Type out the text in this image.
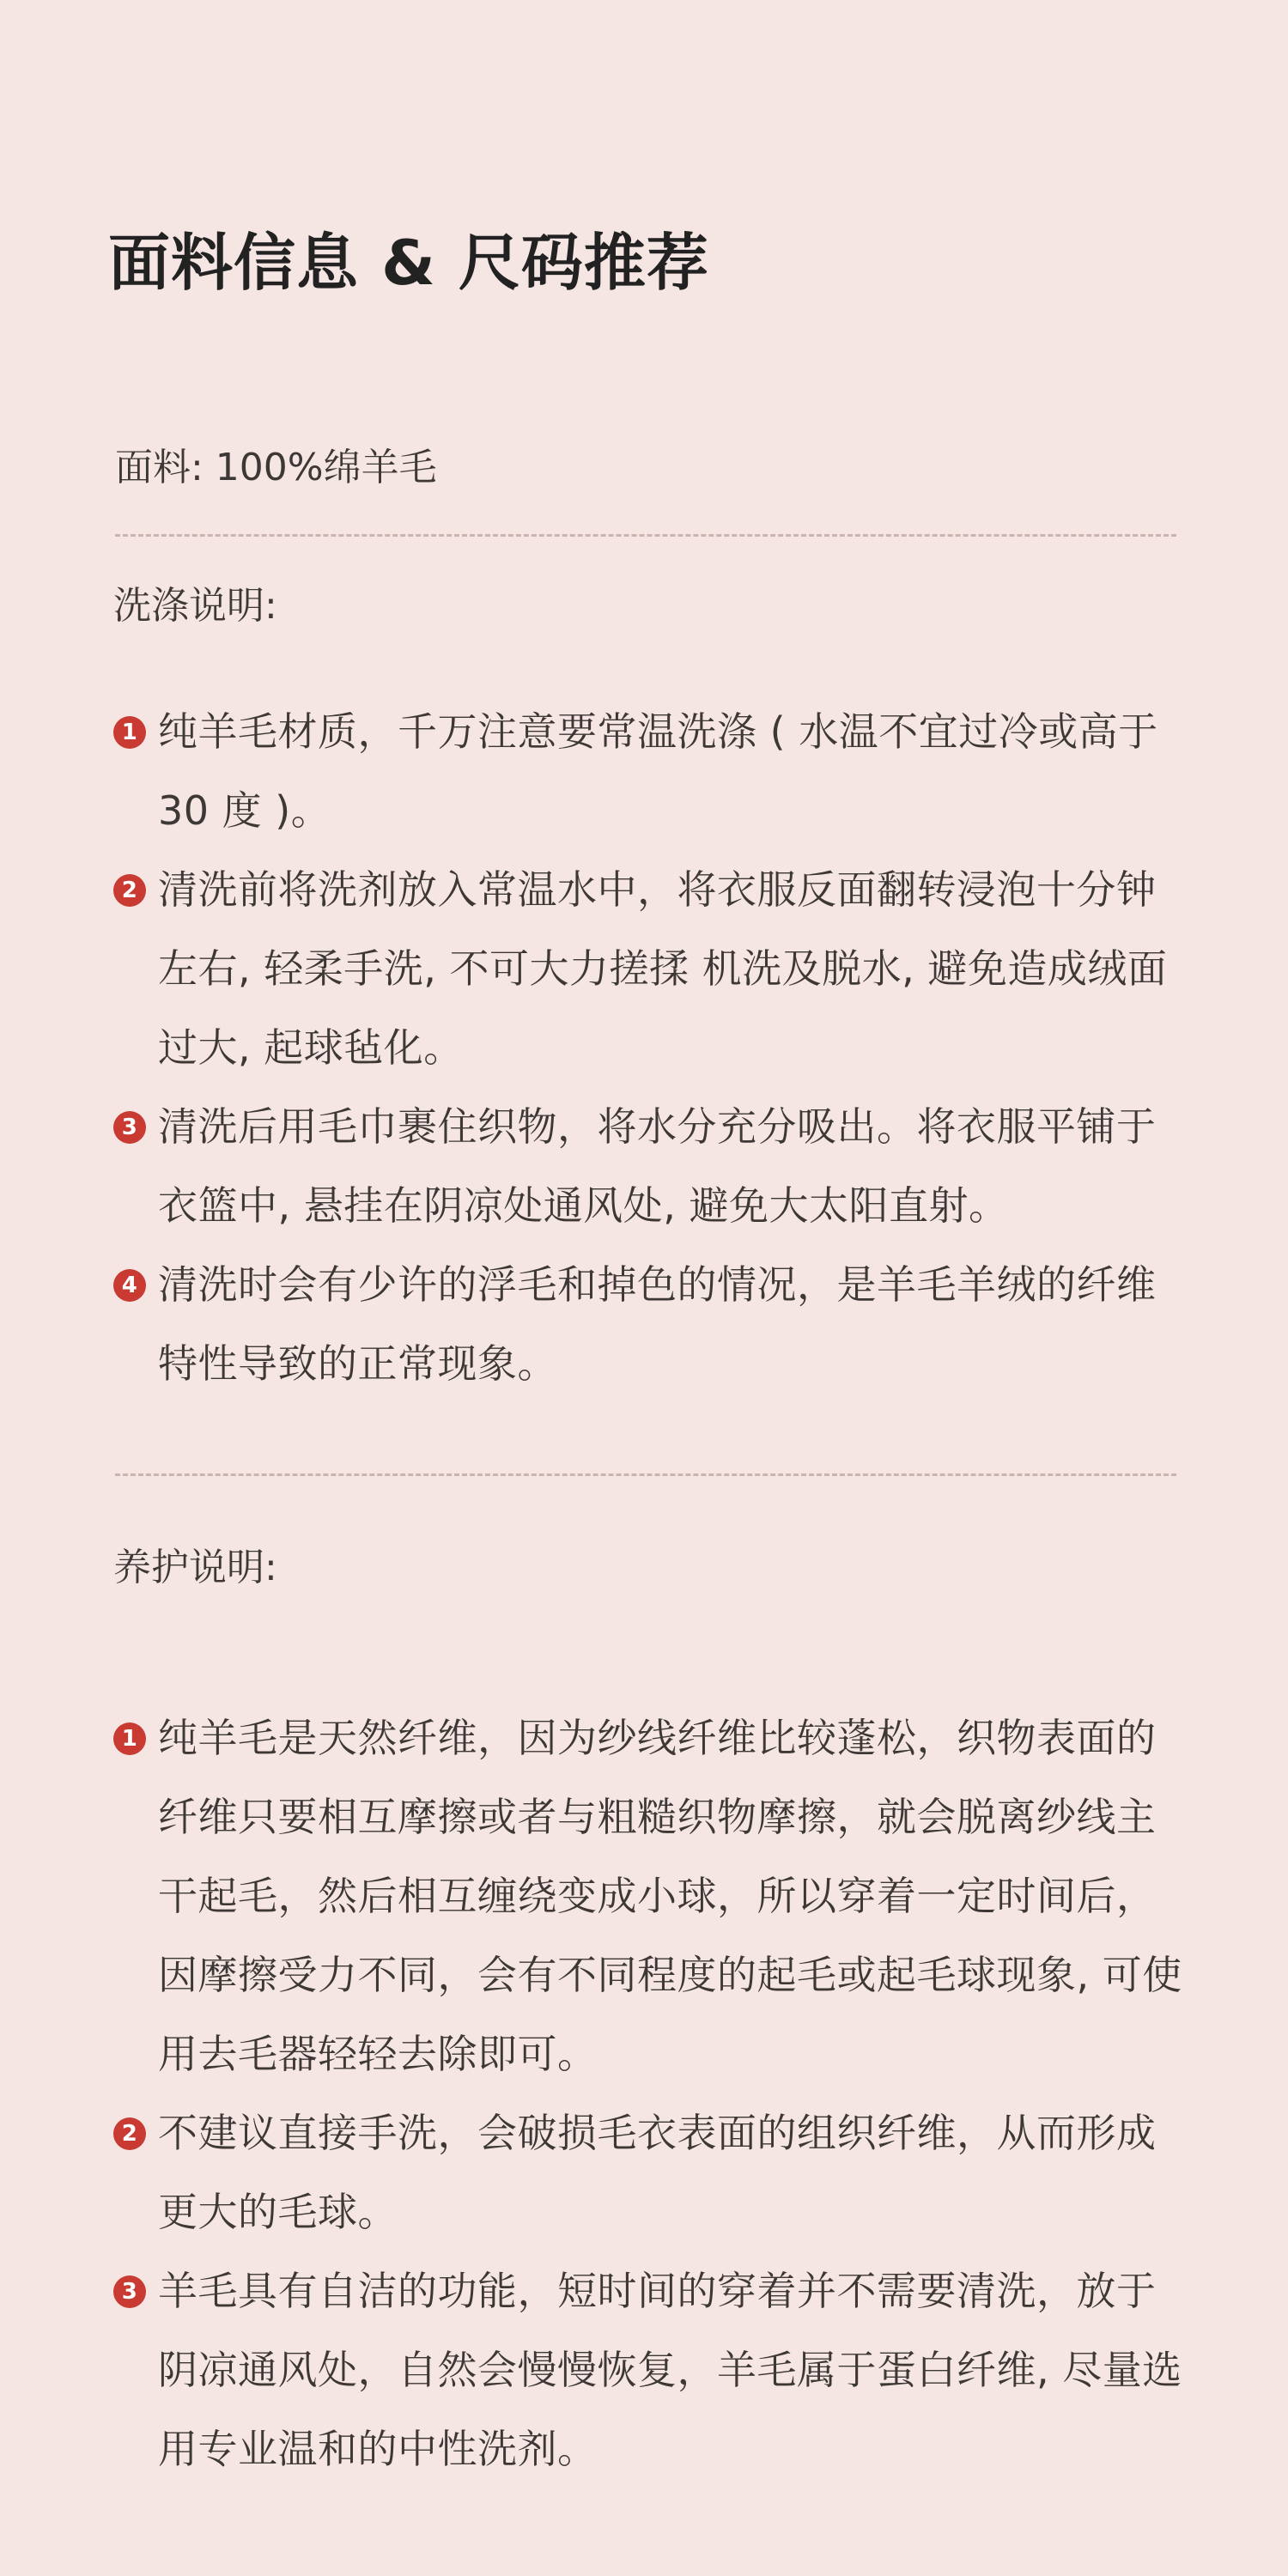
面料信息 & 尺码推荐
面料: 100%绵羊毛
洗涤说明:
1 纯羊毛材质，千万注意要常温洗涤 ( 水温不宜过冷或高于 30 度 )。
2 清洗前将洗剂放入常温水中，将衣服反面翻转浸泡十分钟左右, 轻柔手洗, 不可大力搓揉 机洗及脱水, 避免造成绒面过大, 起球毡化。
3 清洗后用毛巾裹住织物，将水分充分吸出。将衣服平铺于衣篮中, 悬挂在阴凉处通风处, 避免大太阳直射。
4 清洗时会有少许的浮毛和掉色的情况，是羊毛羊绒的纤维特性导致的正常现象。
养护说明:
1 纯羊毛是天然纤维，因为纱线纤维比较蓬松，织物表面的纤维只要相互摩擦或者与粗糙织物摩擦，就会脱离纱线主干起毛，然后相互缠绕变成小球，所以穿着一定时间后，因摩擦受力不同，会有不同程度的起毛或起毛球现象, 可使用去毛器轻轻去除即可。
2 不建议直接手洗，会破损毛衣表面的组织纤维，从而形成更大的毛球。
3 羊毛具有自洁的功能，短时间的穿着并不需要清洗，放于阴凉通风处，自然会慢慢恢复，羊毛属于蛋白纤维, 尽量选用专业温和的中性洗剂。
